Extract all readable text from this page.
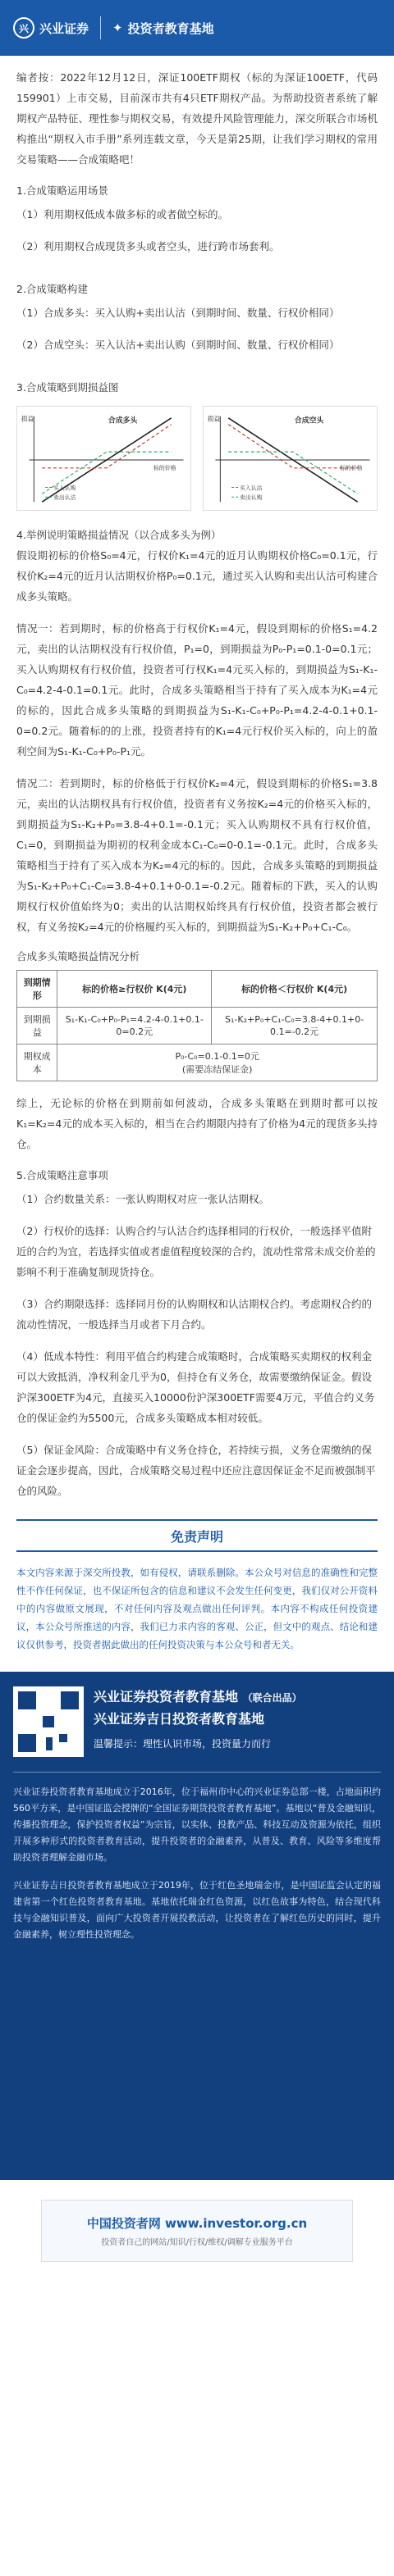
兴 兴业证券 ✦ 投资者教育基地

编者按：2022年12月12日，深证100ETF期权（标的为深证100ETF，代码159901）上市交易，目前深市共有4只ETF期权产品。为帮助投资者系统了解期权产品特征、理性参与期权交易，有效提升风险管理能力，深交所联合市场机构推出“期权入市手册”系列连载文章，今天是第25期，让我们学习期权的常用交易策略——合成策略吧！

1.合成策略运用场景
（1）利用期权低成本做多标的或者做空标的。
（2）利用期权合成现货多头或者空头，进行跨市场套利。
2.合成策略构建
（1）合成多头：买入认购+卖出认沽（到期时间、数量、行权价相同）
（2）合成空头：买入认沽+卖出认购（到期时间、数量、行权价相同）
3.合成策略到期损益图
损益	合成多头
买入认购
卖出认沽
标的价格
损益	合成空头
买入认沽
卖出认购
标的价格
4.举例说明策略损益情况（以合成多头为例）

假设期初标的价格S₀=4元，行权价K₁=4元的近月认购期权价格C₀=0.1元，行权价K₂=4元的近月认沽期权价格P₀=0.1元，通过买入认购和卖出认沽可构建合成多头策略。

情况一：若到期时，标的价格高于行权价K₁=4元，假设到期标的价格S₁=4.2元，卖出的认沽期权没有行权价值，P₁=0，到期损益为P₀-P₁=0.1-0=0.1元；买入认购期权有行权价值，投资者可行权K₁=4元买入标的，到期损益为S₁-K₁-C₀=4.2-4-0.1=0.1元。此时，合成多头策略相当于持有了买入成本为K₁=4元的标的，因此合成多头策略的到期损益为S₁-K₁-C₀+P₀-P₁=4.2-4-0.1+0.1-0=0.2元。随着标的的上涨，投资者持有的K₁=4元行权价买入标的，向上的盈利空间为S₁-K₁-C₀+P₀-P₁元。

情况二：若到期时，标的价格低于行权价K₂=4元，假设到期标的价格S₁=3.8元，卖出的认沽期权具有行权价值，投资者有义务按K₂=4元的价格买入标的，到期损益为S₁-K₂+P₀=3.8-4+0.1=-0.1元；买入认购期权不具有行权价值，C₁=0，到期损益为期初的权利金成本C₁-C₀=0-0.1=-0.1元。此时，合成多头策略相当于持有了买入成本为K₂=4元的标的。因此，合成多头策略的到期损益为S₁-K₂+P₀+C₁-C₀=3.8-4+0.1+0-0.1=-0.2元。随着标的下跌，买入的认购期权行权价值始终为0；卖出的认沽期权始终具有行权价值，投资者都会被行权，有义务按K₂=4元的价格履约买入标的，到期损益为S₁-K₂+P₀+C₁-C₀。

合成多头策略损益情况分析
到期情形	标的价格≥行权价 K(4元)	标的价格＜行权价 K(4元)
到期损益	S₁-K₁-C₀+P₀-P₁=4.2-4-0.1+0.1-0=0.2元	S₁-K₂+P₀+C₁-C₀=3.8-4+0.1+0-0.1=-0.2元
期权成本	P₀-C₀=0.1-0.1=0元
(需要冻结保证金)	

综上，无论标的价格在到期前如何波动，合成多头策略在到期时都可以按K₁=K₂=4元的成本买入标的，相当在合约期限内持有了价格为4元的现货多头持仓。

5.合成策略注意事项
（1）合约数量关系：一张认购期权对应一张认沽期权。
（2）行权价的选择：认购合约与认沽合约选择相同的行权价，一般选择平值附近的合约为宜，若选择实值或者虚值程度较深的合约，流动性常常未成交价差的影响不利于准确复制现货持仓。
（3）合约期限选择：选择同月份的认购期权和认沽期权合约。考虑期权合约的流动性情况，一般选择当月或者下月合约。
（4）低成本特性：利用平值合约构建合成策略时，合成策略买卖期权的权利金可以大致抵消，净权利金几乎为0，但持仓有义务仓，故需要缴纳保证金。假设沪深300ETF为4元，直接买入10000份沪深300ETF需要4万元，平值合约义务仓的保证金约为5500元，合成多头策略成本相对较低。
（5）保证金风险：合成策略中有义务仓持仓，若持续亏损，义务仓需缴纳的保证金会逐步提高，因此，合成策略交易过程中还应注意因保证金不足而被强制平仓的风险。
免责声明

本文内容来源于深交所投教，如有侵权，请联系删除。本公众号对信息的准确性和完整性不作任何保证，也不保证所包含的信息和建议不会发生任何变更，我们仅对公开资料中的内容做原文展现，不对任何内容及观点做出任何评判。本内容不构成任何投资建议，本公众号所推送的内容，我们已力求内容的客观、公正，但文中的观点、结论和建议仅供参考，投资者据此做出的任何投资决策与本公众号和者无关。

兴业证券投资者教育基地 （联合出品）
兴业证券吉日投资者教育基地
温馨提示：理性认识市场，投资量力而行

兴业证券投资者教育基地成立于2016年，位于福州市中心的兴业证券总部一楼，占地面积约560平方米，是中国证监会授牌的“全国证券期货投资者教育基地”。基地以“普及金融知识，传播投资理念，保护投资者权益”为宗旨，以实体、投教产品、科技互动及资源为依托，组织开展多种形式的投资者教育活动，提升投资者的金融素养，从普及、教育、风险等多维度帮助投资者理解金融市场。

兴业证券吉日投资者教育基地成立于2019年，位于红色圣地瑞金市，是中国证监会认定的福建省第一个红色投资者教育基地。基地依托瑞金红色资源，以红色故事为特色，结合现代科技与金融知识普及，面向广大投资者开展投教活动，让投资者在了解红色历史的同时，提升金融素养，树立理性投资理念。

中国投资者网 www.investor.org.cn
投资者自己的网站/知识/行权/维权/调解专业服务平台
